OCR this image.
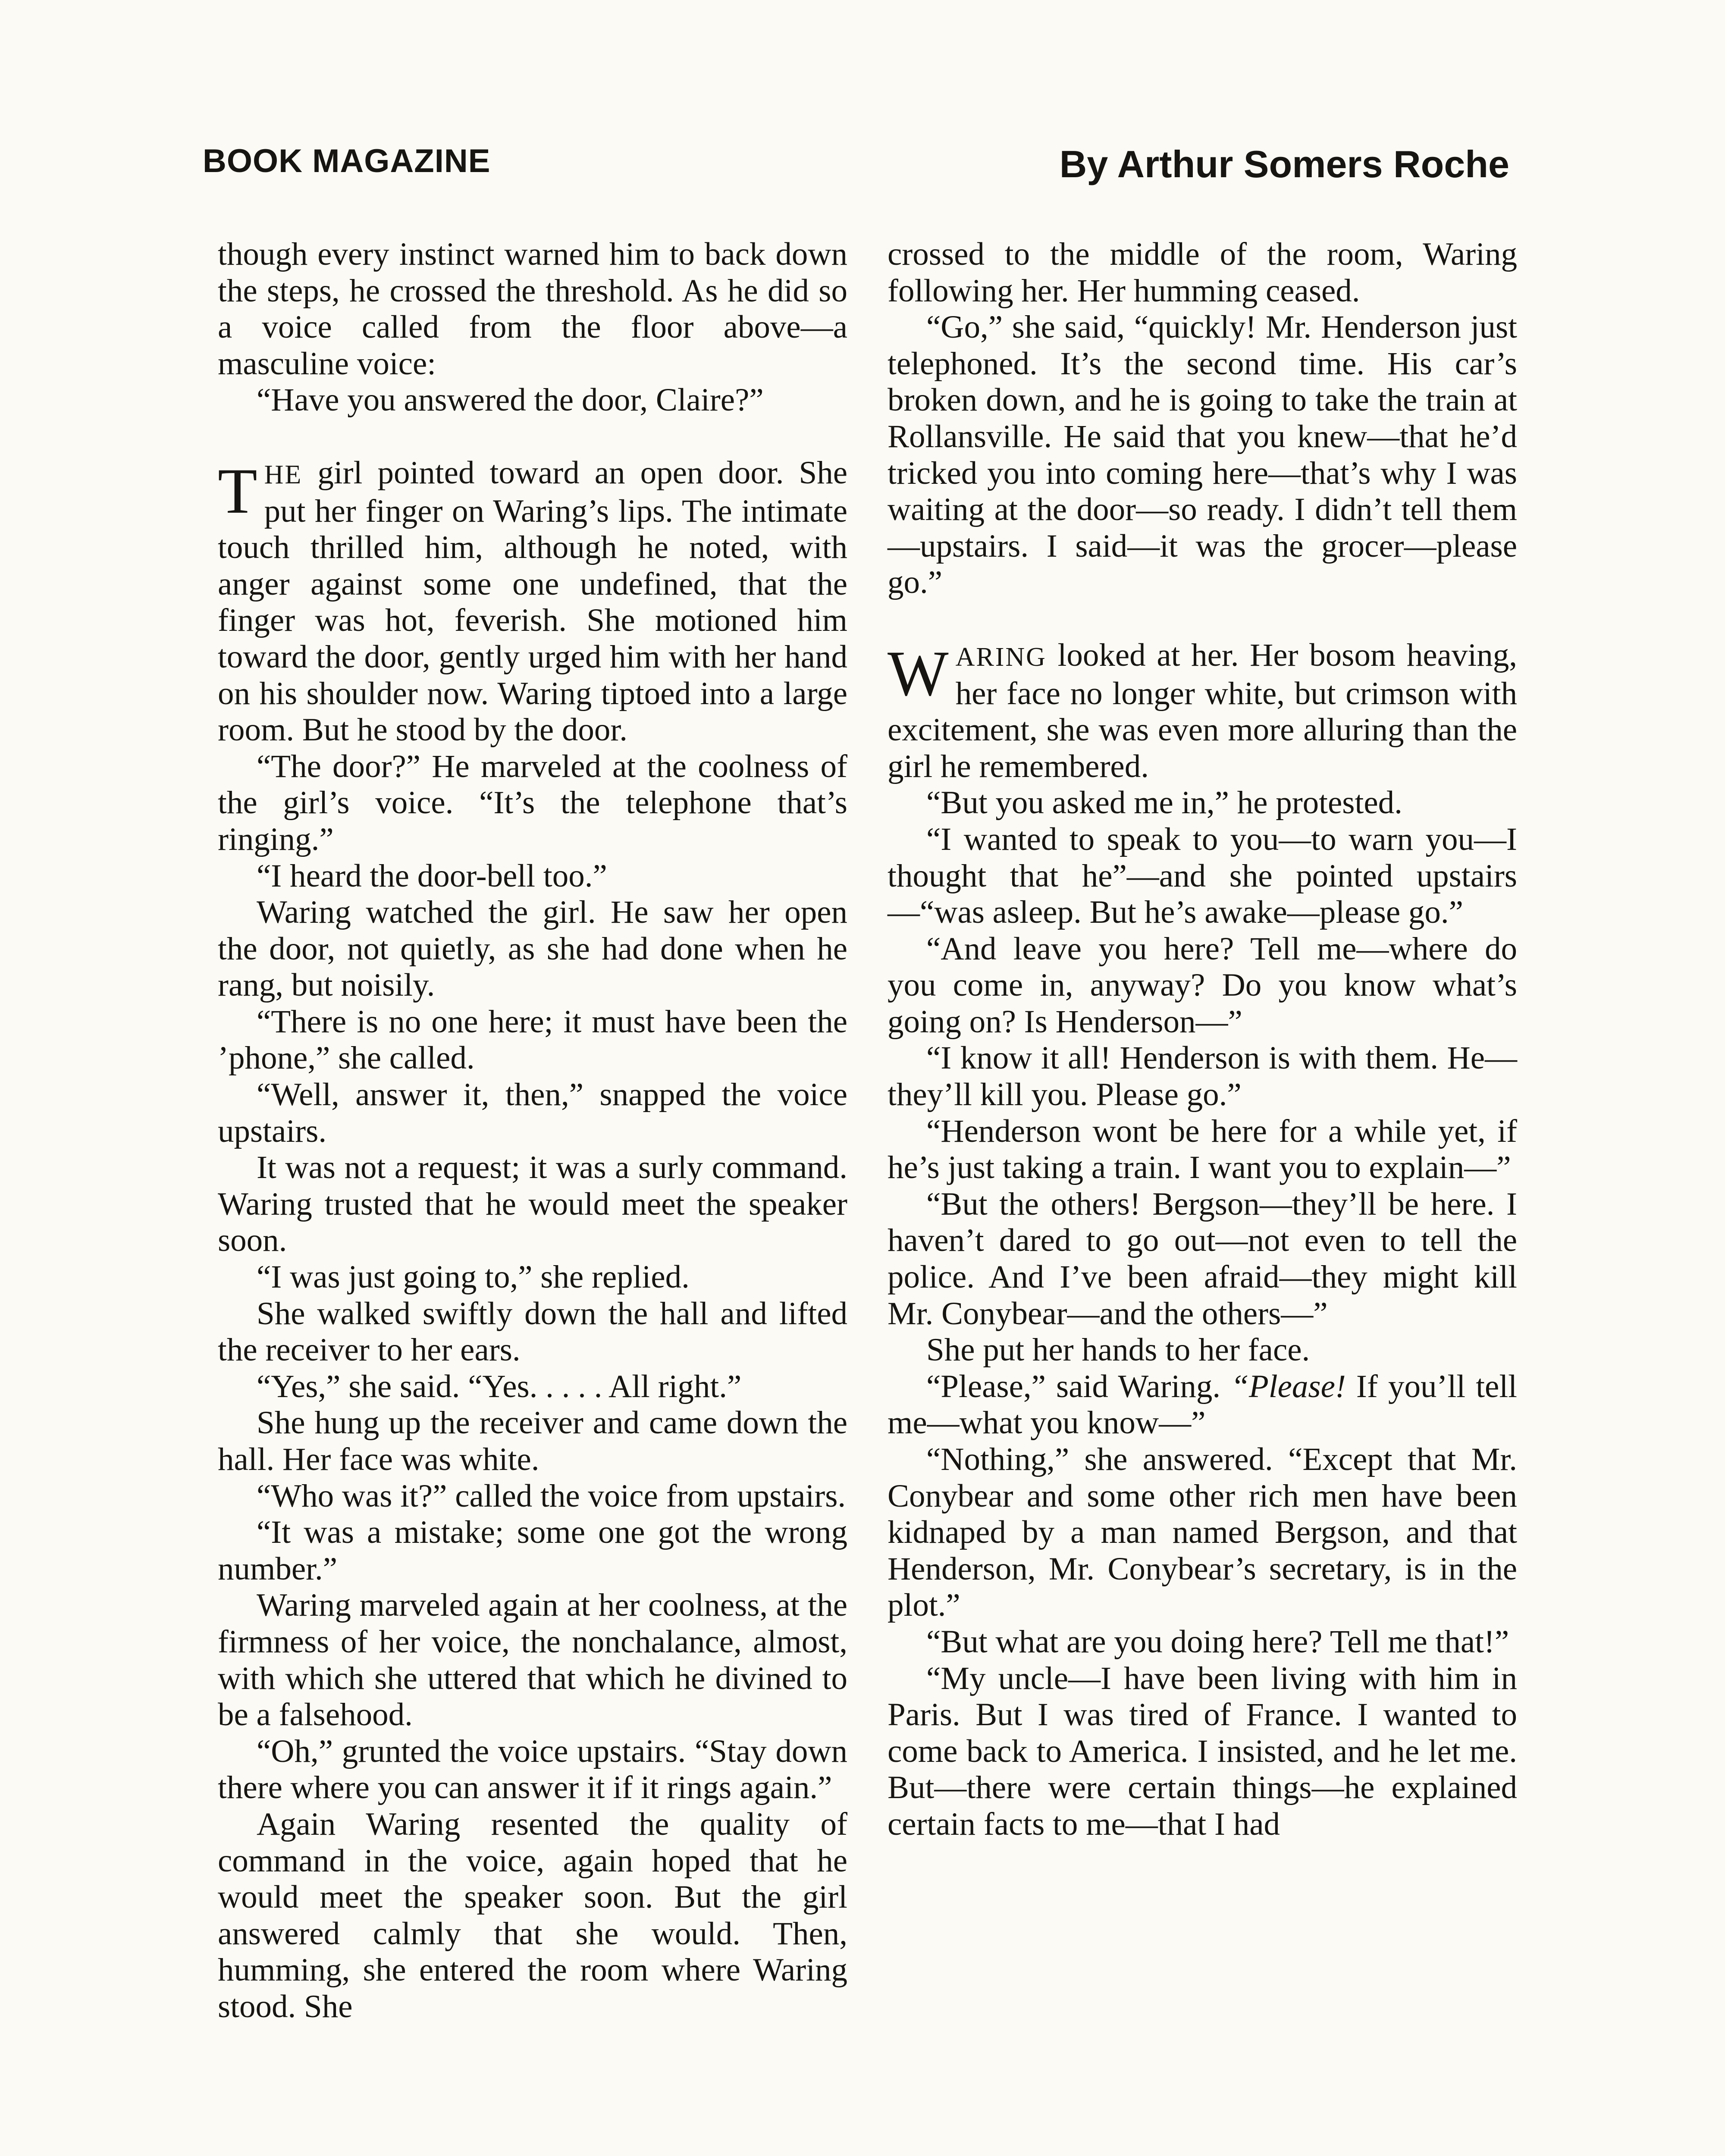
BOOK MAGAZINE	By Arthur Somers Roche

though every instinct warned him to back down the steps, he crossed the threshold. As he did so a voice called from the floor above—a masculine voice:

“Have you answered the door, Claire?”

THE girl pointed toward an open door. She put her finger on Waring’s lips. The intimate touch thrilled him, although he noted, with anger against some one undefined, that the finger was hot, feverish. She motioned him toward the door, gently urged him with her hand on his shoulder now. Waring tiptoed into a large room. But he stood by the door.

“The door?” He marveled at the coolness of the girl’s voice. “It’s the telephone that’s ringing.”

“I heard the door-bell too.”

Waring watched the girl. He saw her open the door, not quietly, as she had done when he rang, but noisily.

“There is no one here; it must have been the ’phone,” she called.

“Well, answer it, then,” snapped the voice upstairs.

It was not a request; it was a surly command. Waring trusted that he would meet the speaker soon.

“I was just going to,” she replied.

She walked swiftly down the hall and lifted the receiver to her ears.

“Yes,” she said. “Yes. . . . . All right.”

She hung up the receiver and came down the hall. Her face was white.

“Who was it?” called the voice from upstairs.

“It was a mistake; some one got the wrong number.”

Waring marveled again at her coolness, at the firmness of her voice, the nonchalance, almost, with which she uttered that which he divined to be a falsehood.

“Oh,” grunted the voice upstairs. “Stay down there where you can answer it if it rings again.”

Again Waring resented the quality of command in the voice, again hoped that he would meet the speaker soon. But the girl answered calmly that she would. Then, humming, she entered the room where Waring stood. She

crossed to the middle of the room, Waring following her. Her humming ceased.

“Go,” she said, “quickly! Mr. Henderson just telephoned. It’s the second time. His car’s broken down, and he is going to take the train at Rollansville. He said that you knew—that he’d tricked you into coming here—that’s why I was waiting at the door—so ready. I didn’t tell them—upstairs. I said—it was the grocer—please go.”

WARING looked at her. Her bosom heaving, her face no longer white, but crimson with excitement, she was even more alluring than the girl he remembered.

“But you asked me in,” he protested.

“I wanted to speak to you—to warn you—I thought that he”—and she pointed upstairs—“was asleep. But he’s awake—please go.”

“And leave you here? Tell me—where do you come in, anyway? Do you know what’s going on? Is Henderson—”

“I know it all! Henderson is with them. He—they’ll kill you. Please go.”

“Henderson wont be here for a while yet, if he’s just taking a train. I want you to explain—”

“But the others! Bergson—they’ll be here. I haven’t dared to go out—not even to tell the police. And I’ve been afraid—they might kill Mr. Conybear—and the others—”

She put her hands to her face.

“Please,” said Waring. “Please! If you’ll tell me—what you know—”

“Nothing,” she answered. “Except that Mr. Conybear and some other rich men have been kidnaped by a man named Bergson, and that Henderson, Mr. Conybear’s secretary, is in the plot.”

“But what are you doing here? Tell me that!”

“My uncle—I have been living with him in Paris. But I was tired of France. I wanted to come back to America. I insisted, and he let me. But—there were certain things—he explained certain facts to me—that I had
